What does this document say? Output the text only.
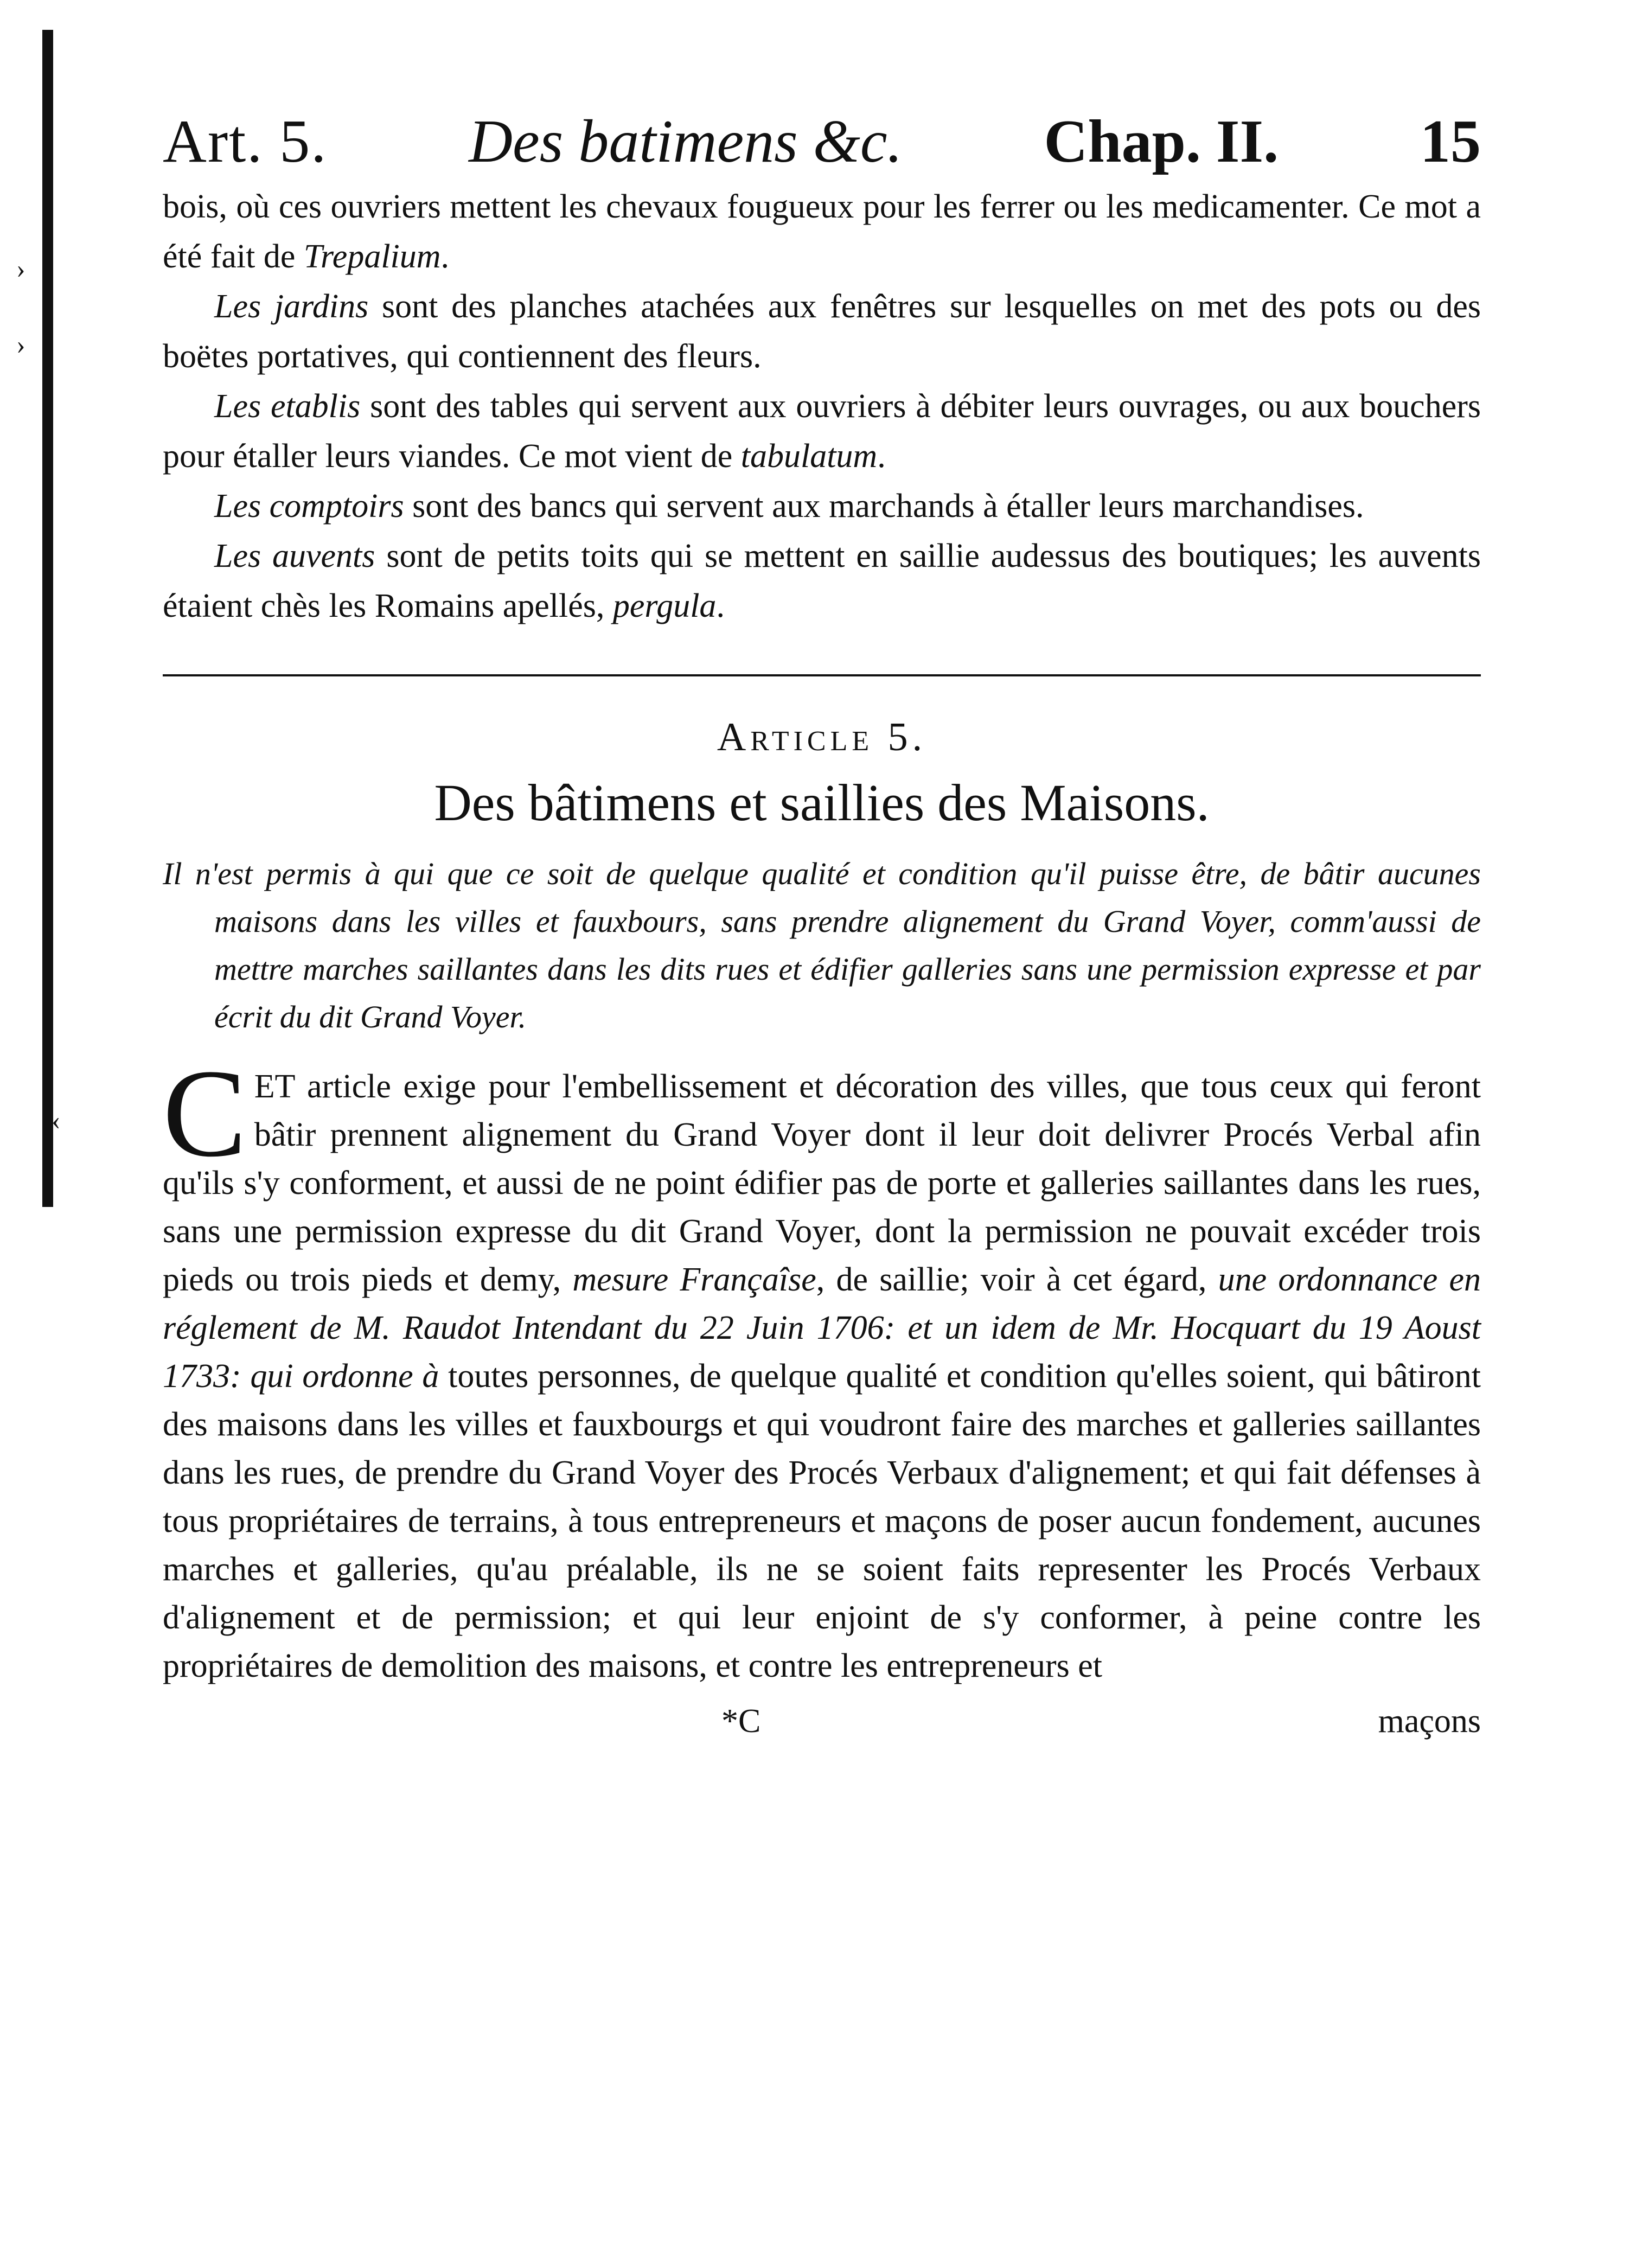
›
›
‹
Art. 5. Des batimens &c. Chap. II. 15

bois, où ces ouvriers mettent les chevaux fougueux pour les ferrer ou les medicamenter. Ce mot a été fait de Trepalium.

Les jardins sont des planches atachées aux fenêtres sur lesquelles on met des pots ou des boëtes portatives, qui contiennent des fleurs.

Les etablis sont des tables qui servent aux ouvriers à débiter leurs ouvrages, ou aux bouchers pour étaller leurs viandes. Ce mot vient de tabulatum.

Les comptoirs sont des bancs qui servent aux marchands à étaller leurs marchandises.

Les auvents sont de petits toits qui se mettent en saillie audessus des boutiques; les auvents étaient chès les Romains apellés, pergula.

Article 5.
Des bâtimens et saillies des Maisons.
Il n'est permis à qui que ce soit de quelque qualité et condition qu'il puisse être, de bâtir aucunes maisons dans les villes et fauxbours, sans prendre alignement du Grand Voyer, comm'aussi de mettre marches saillantes dans les dits rues et édifier galleries sans une permission expresse et par écrit du dit Grand Voyer.
CET article exige pour l'embellissement et décoration des villes, que tous ceux qui feront bâtir prennent alignement du Grand Voyer dont il leur doit delivrer Procés Verbal afin qu'ils s'y conforment, et aussi de ne point édifier pas de porte et galleries saillantes dans les rues, sans une permission expresse du dit Grand Voyer, dont la permission ne pouvait excéder trois pieds ou trois pieds et demy, mesure Françaîse, de saillie; voir à cet égard, une ordonnance en réglement de M. Raudot Intendant du 22 Juin 1706: et un idem de Mr. Hocquart du 19 Aoust 1733: qui ordonne à toutes personnes, de quelque qualité et condition qu'elles soient, qui bâtiront des maisons dans les villes et fauxbourgs et qui voudront faire des marches et galleries saillantes dans les rues, de prendre du Grand Voyer des Procés Verbaux d'alignement; et qui fait défenses à tous propriétaires de terrains, à tous entrepreneurs et maçons de poser aucun fondement, aucunes marches et galleries, qu'au préalable, ils ne se soient faits representer les Procés Verbaux d'alignement et de permission; et qui leur enjoint de s'y conformer, à peine contre les propriétaires de demolition des maisons, et contre les entrepreneurs et
*C	maçons
